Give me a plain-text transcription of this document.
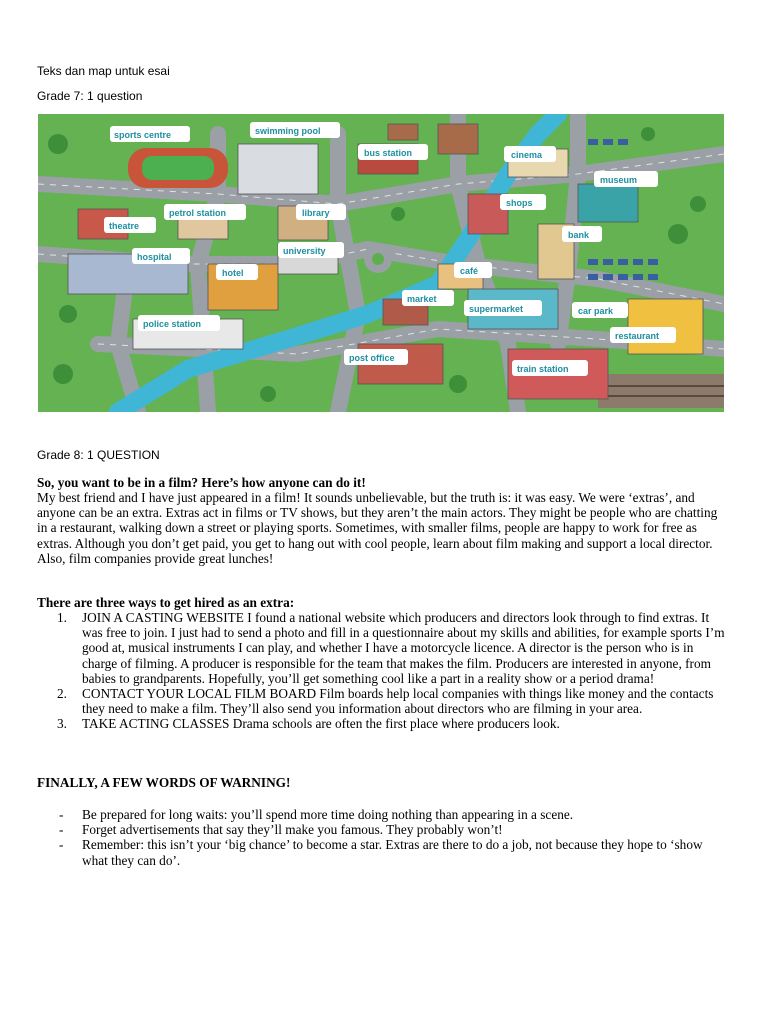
Teks dan map untuk esai
Grade 7: 1 question
sports centre	swimming pool
bus station	cinema
museum
theatre
petrol station	library
shops
bank
hospital
hotel
university
café
market
supermarket	car park
police station
restaurant
post office
train station
Grade 8: 1 QUESTION
So, you want to be in a film? Here’s how anyone can do it!
My best friend and I have just appeared in a film! It sounds unbelievable, but the truth is: it was easy. We were ‘extras’, and anyone can be an extra. Extras act in films or TV shows, but they aren’t the main actors. They might be people who are chatting in a restaurant, walking down a street or playing sports. Sometimes, with smaller films, people are happy to work for free as extras. Although you don’t get paid, you get to hang out with cool people, learn about film making and support a local director. Also, film companies provide great lunches!
There are three ways to get hired as an extra:
1. JOIN A CASTING WEBSITE I found a national website which producers and directors look through to find extras. It was free to join. I just had to send a photo and fill in a questionnaire about my skills and abilities, for example sports I’m good at, musical instruments I can play, and whether I have a motorcycle licence. A director is the person who is in charge of filming. A producer is responsible for the team that makes the film. Producers are interested in anyone, from babies to grandparents. Hopefully, you’ll get something cool like a part in a reality show or a period drama!
2. CONTACT YOUR LOCAL FILM BOARD Film boards help local companies with things like money and the contacts they need to make a film. They’ll also send you information about directors who are filming in your area.
3. TAKE ACTING CLASSES Drama schools are often the first place where producers look.
FINALLY, A FEW WORDS OF WARNING!
- Be prepared for long waits: you’ll spend more time doing nothing than appearing in a scene.
- Forget advertisements that say they’ll make you famous. They probably won’t!
- Remember: this isn’t your ‘big chance’ to become a star. Extras are there to do a job, not because they hope to ‘show what they can do’.
